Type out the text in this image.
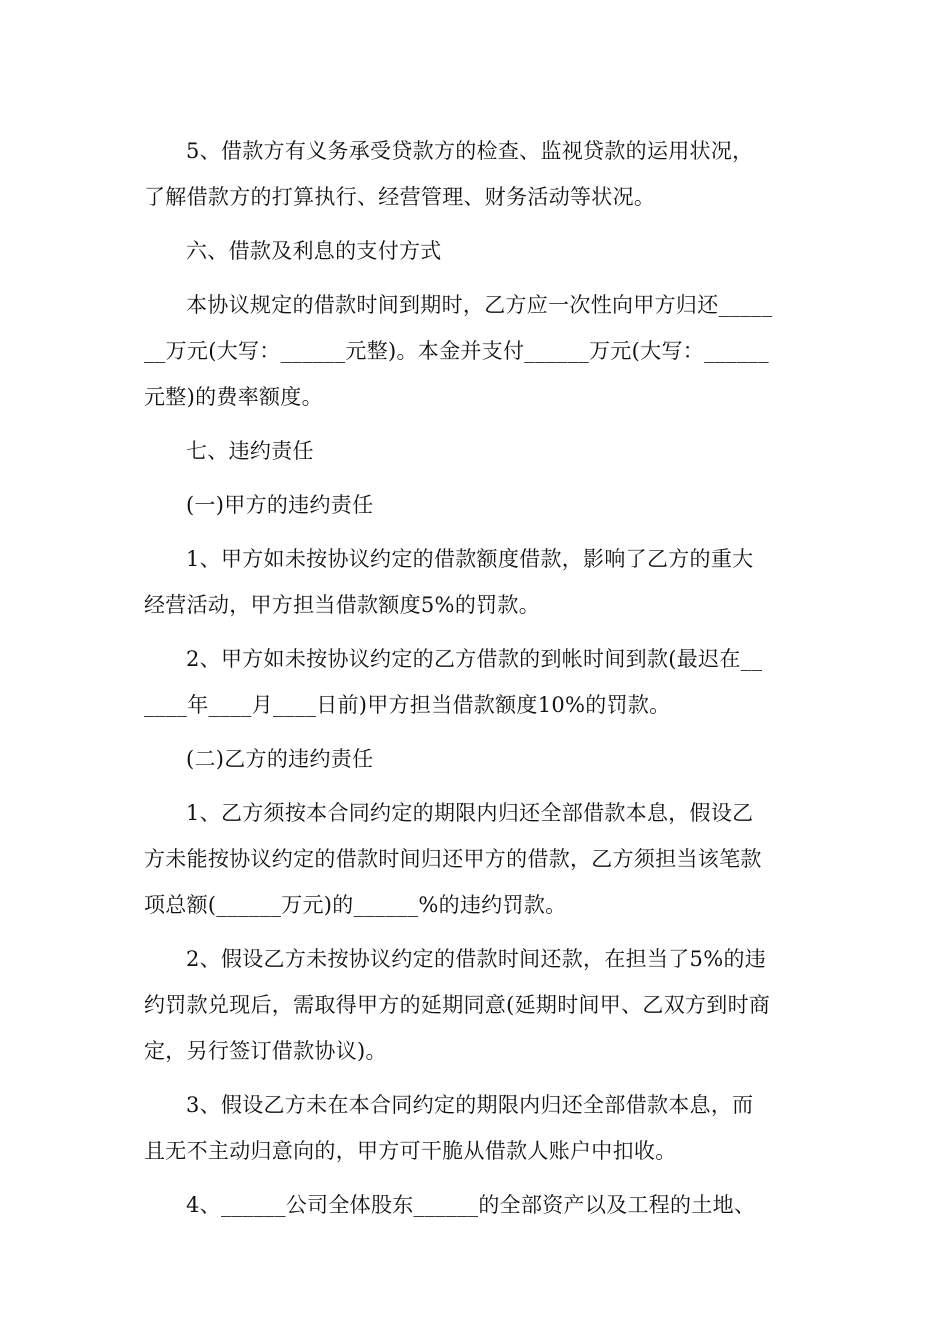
5、借款方有义务承受贷款方的检查、监视贷款的运用状况，
了解借款方的打算执行、经营管理、财务活动等状况。
六、借款及利息的支付方式
本协议规定的借款时间到期时，乙方应一次性向甲方归还_____
__万元(大写：______元整)。本金并支付______万元(大写：______
元整)的费率额度。
七、违约责任
(一)甲方的违约责任
1、甲方如未按协议约定的借款额度借款，影响了乙方的重大
经营活动，甲方担当借款额度5%的罚款。
2、甲方如未按协议约定的乙方借款的到帐时间到款(最迟在__
____年____月____日前)甲方担当借款额度10%的罚款。
(二)乙方的违约责任
1、乙方须按本合同约定的期限内归还全部借款本息，假设乙
方未能按协议约定的借款时间归还甲方的借款，乙方须担当该笔款
项总额(______万元)的______%的违约罚款。
2、假设乙方未按协议约定的借款时间还款，在担当了5%的违
约罚款兑现后，需取得甲方的延期同意(延期时间甲、乙双方到时商
定，另行签订借款协议)。
3、假设乙方未在本合同约定的期限内归还全部借款本息，而
且无不主动归意向的，甲方可干脆从借款人账户中扣收。
4、______公司全体股东______的全部资产以及工程的土地、
